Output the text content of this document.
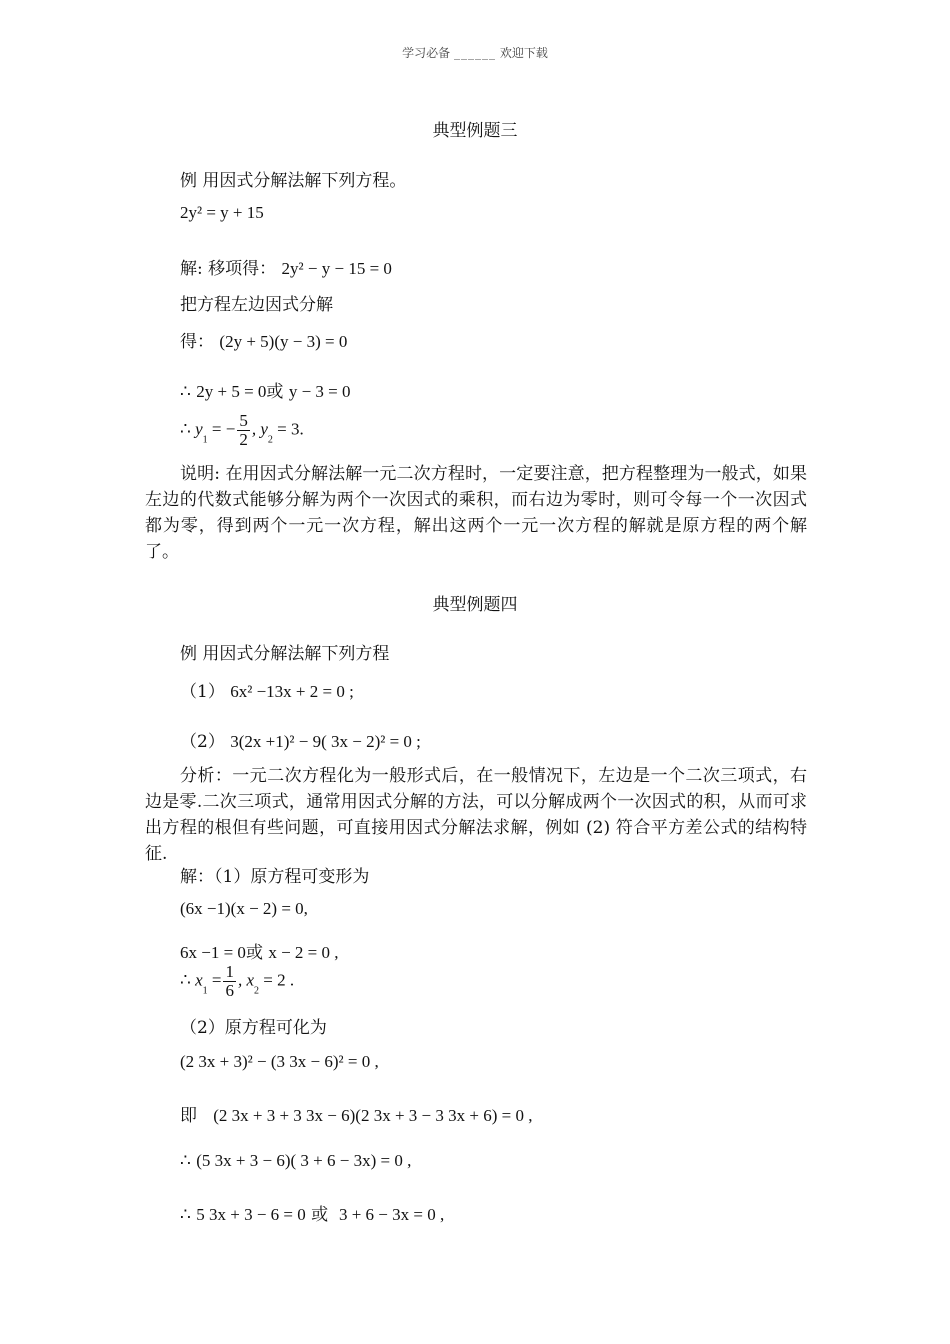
学习必备 ______ 欢迎下载
典型例题三
例 用因式分解法解下列方程。
2y² = y + 15
解: 移项得： 2y² − y − 15 = 0
把方程左边因式分解
得： (2y + 5)(y − 3) = 0
∴ 2y + 5 = 0或 y − 3 = 0
∴ $y_1$ = − $\frac{5}{2}$ , $y_2 = 3$.
说明: 在用因式分解法解一元二次方程时，一定要注意，把方程整理为一般式，如果左边的代数式能够分解为两个一次因式的乘积，而右边为零时，则可令每一个一次因式都为零，得到两个一元一次方程，解出这两个一元一次方程的解就是原方程的两个解了。
典型例题四
例 用因式分解法解下列方程
（1） 6x² −13x + 2 = 0 ;
（2） 3(2x +1)² − 9( 3x − 2)² = 0 ;
分析：一元二次方程化为一般形式后，在一般情况下，左边是一个二次三项式，右边是零.二次三项式，通常用因式分解的方法，可以分解成两个一次因式的积，从而可求出方程的根但有些问题，可直接用因式分解法求解，例如 (2) 符合平方差公式的结构特征.
解：（1）原方程可变形为
(6x −1)(x − 2) = 0,
6x −1 = 0或 x − 2 = 0 ,
∴ $x_1 = \frac{1}{6}$ , $x_2 = 2$ .
（2）原方程可化为
(2 3x + 3)² − (3 3x − 6)² = 0 ,
即 (2 3x + 3 + 3 3x − 6)(2 3x + 3 − 3 3x + 6) = 0 ,
∴ (5 3x + 3 − 6)( 3 + 6 − 3x) = 0 ,
∴ 5 3x + 3 − 6 = 0 或 3 + 6 − 3x = 0 ,
